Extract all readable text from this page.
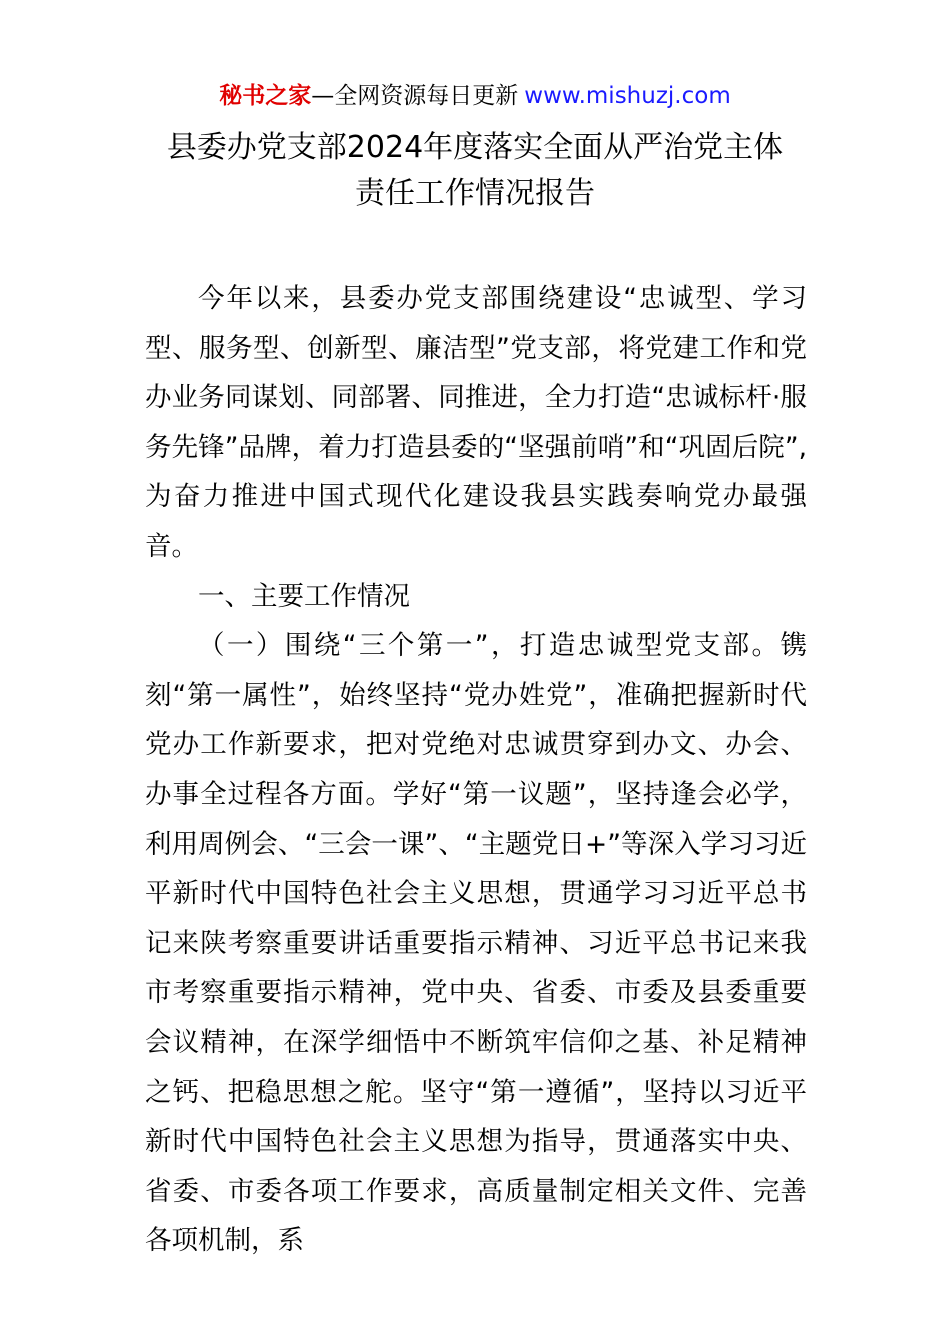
秘书之家—全网资源每日更新 www.mishuzj.com
县委办党支部2024年度落实全面从严治党主体
责任工作情况报告

今年以来，县委办党支部围绕建设“忠诚型、学习型、服务型、创新型、廉洁型”党支部，将党建工作和党办业务同谋划、同部署、同推进，全力打造“忠诚标杆·服务先锋”品牌，着力打造县委的“坚强前哨”和“巩固后院”,为奋力推进中国式现代化建设我县实践奏响党办最强音。

一、主要工作情况

（一）围绕“三个第一”，打造忠诚型党支部。镌刻“第一属性”，始终坚持“党办姓党”，准确把握新时代党办工作新要求，把对党绝对忠诚贯穿到办文、办会、办事全过程各方面。学好“第一议题”，坚持逢会必学，利用周例会、“三会一课”、“主题党日+”等深入学习习近平新时代中国特色社会主义思想，贯通学习习近平总书记来陕考察重要讲话重要指示精神、习近平总书记来我市考察重要指示精神，党中央、省委、市委及县委重要会议精神，在深学细悟中不断筑牢信仰之基、补足精神之钙、把稳思想之舵。坚守“第一遵循”，坚持以习近平新时代中国特色社会主义思想为指导，贯通落实中央、省委、市委各项工作要求，高质量制定相关文件、完善各项机制，系
